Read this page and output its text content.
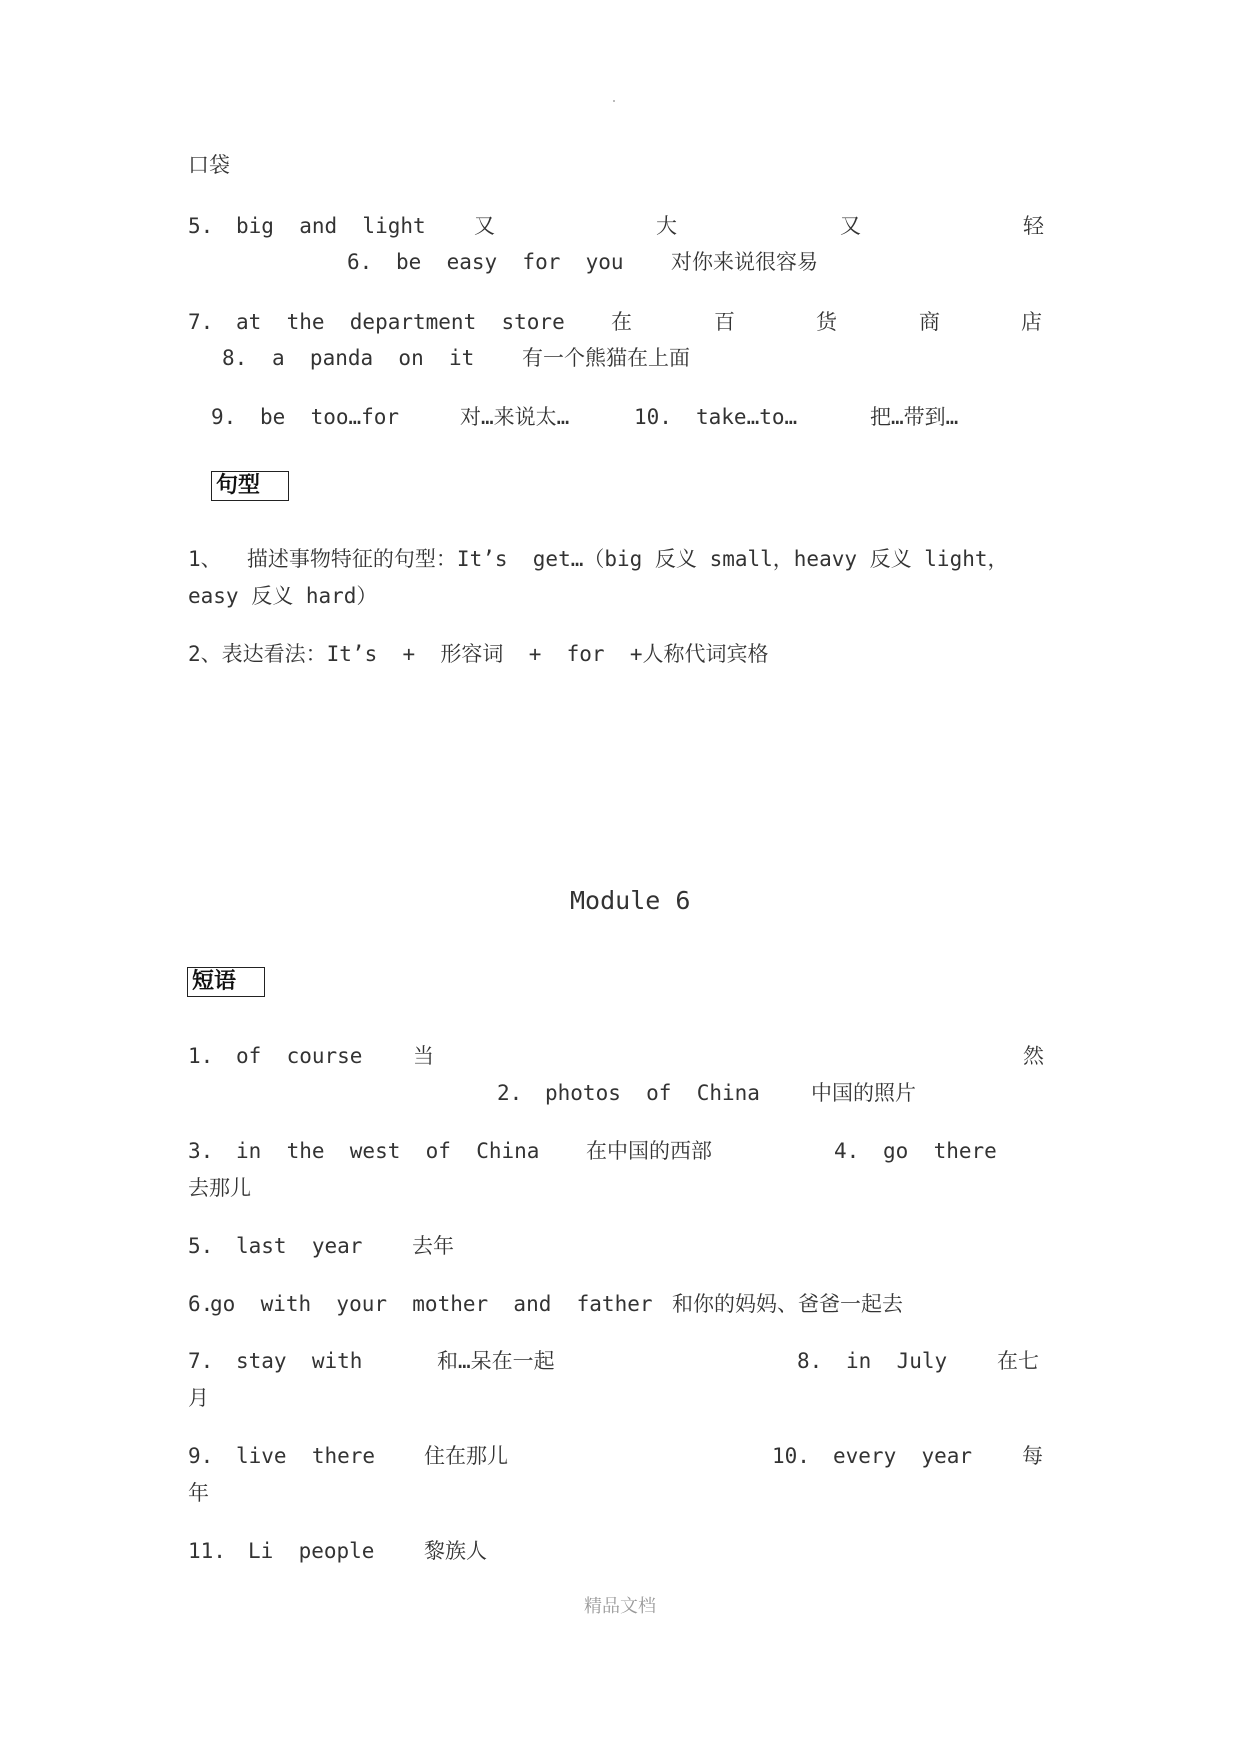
口袋
5. big  and  light 又	大	又	轻
6. be  easy  for  you 对你来说很容易
7. at  the  department  store 在	百	货	商	店
8. a  panda  on  it 有一个熊猫在上面
9. be  too…for	对…来说太…	10. take…to…	把…带到…
句型
1、  描述事物特征的句型：It’s  get…（big 反义 small，heavy 反义 light，
easy 反义 hard）
2、表达看法：It’s  +  形容词  +  for  +人称代词宾格
Module 6
短语
1. of  course 当	然
2. photos  of  China 中国的照片
3. in  the  west  of  China 在中国的西部	4. go  there
去那儿
5. last  year 去年
6.
go  with  your  mother  and  father 和你的妈妈、爸爸一起去
7. stay  with	和…呆在一起	8. in  July 在七
月
9. live  there 住在那儿	10. every  year 每
年
11. Li  people 黎族人
精品文档
